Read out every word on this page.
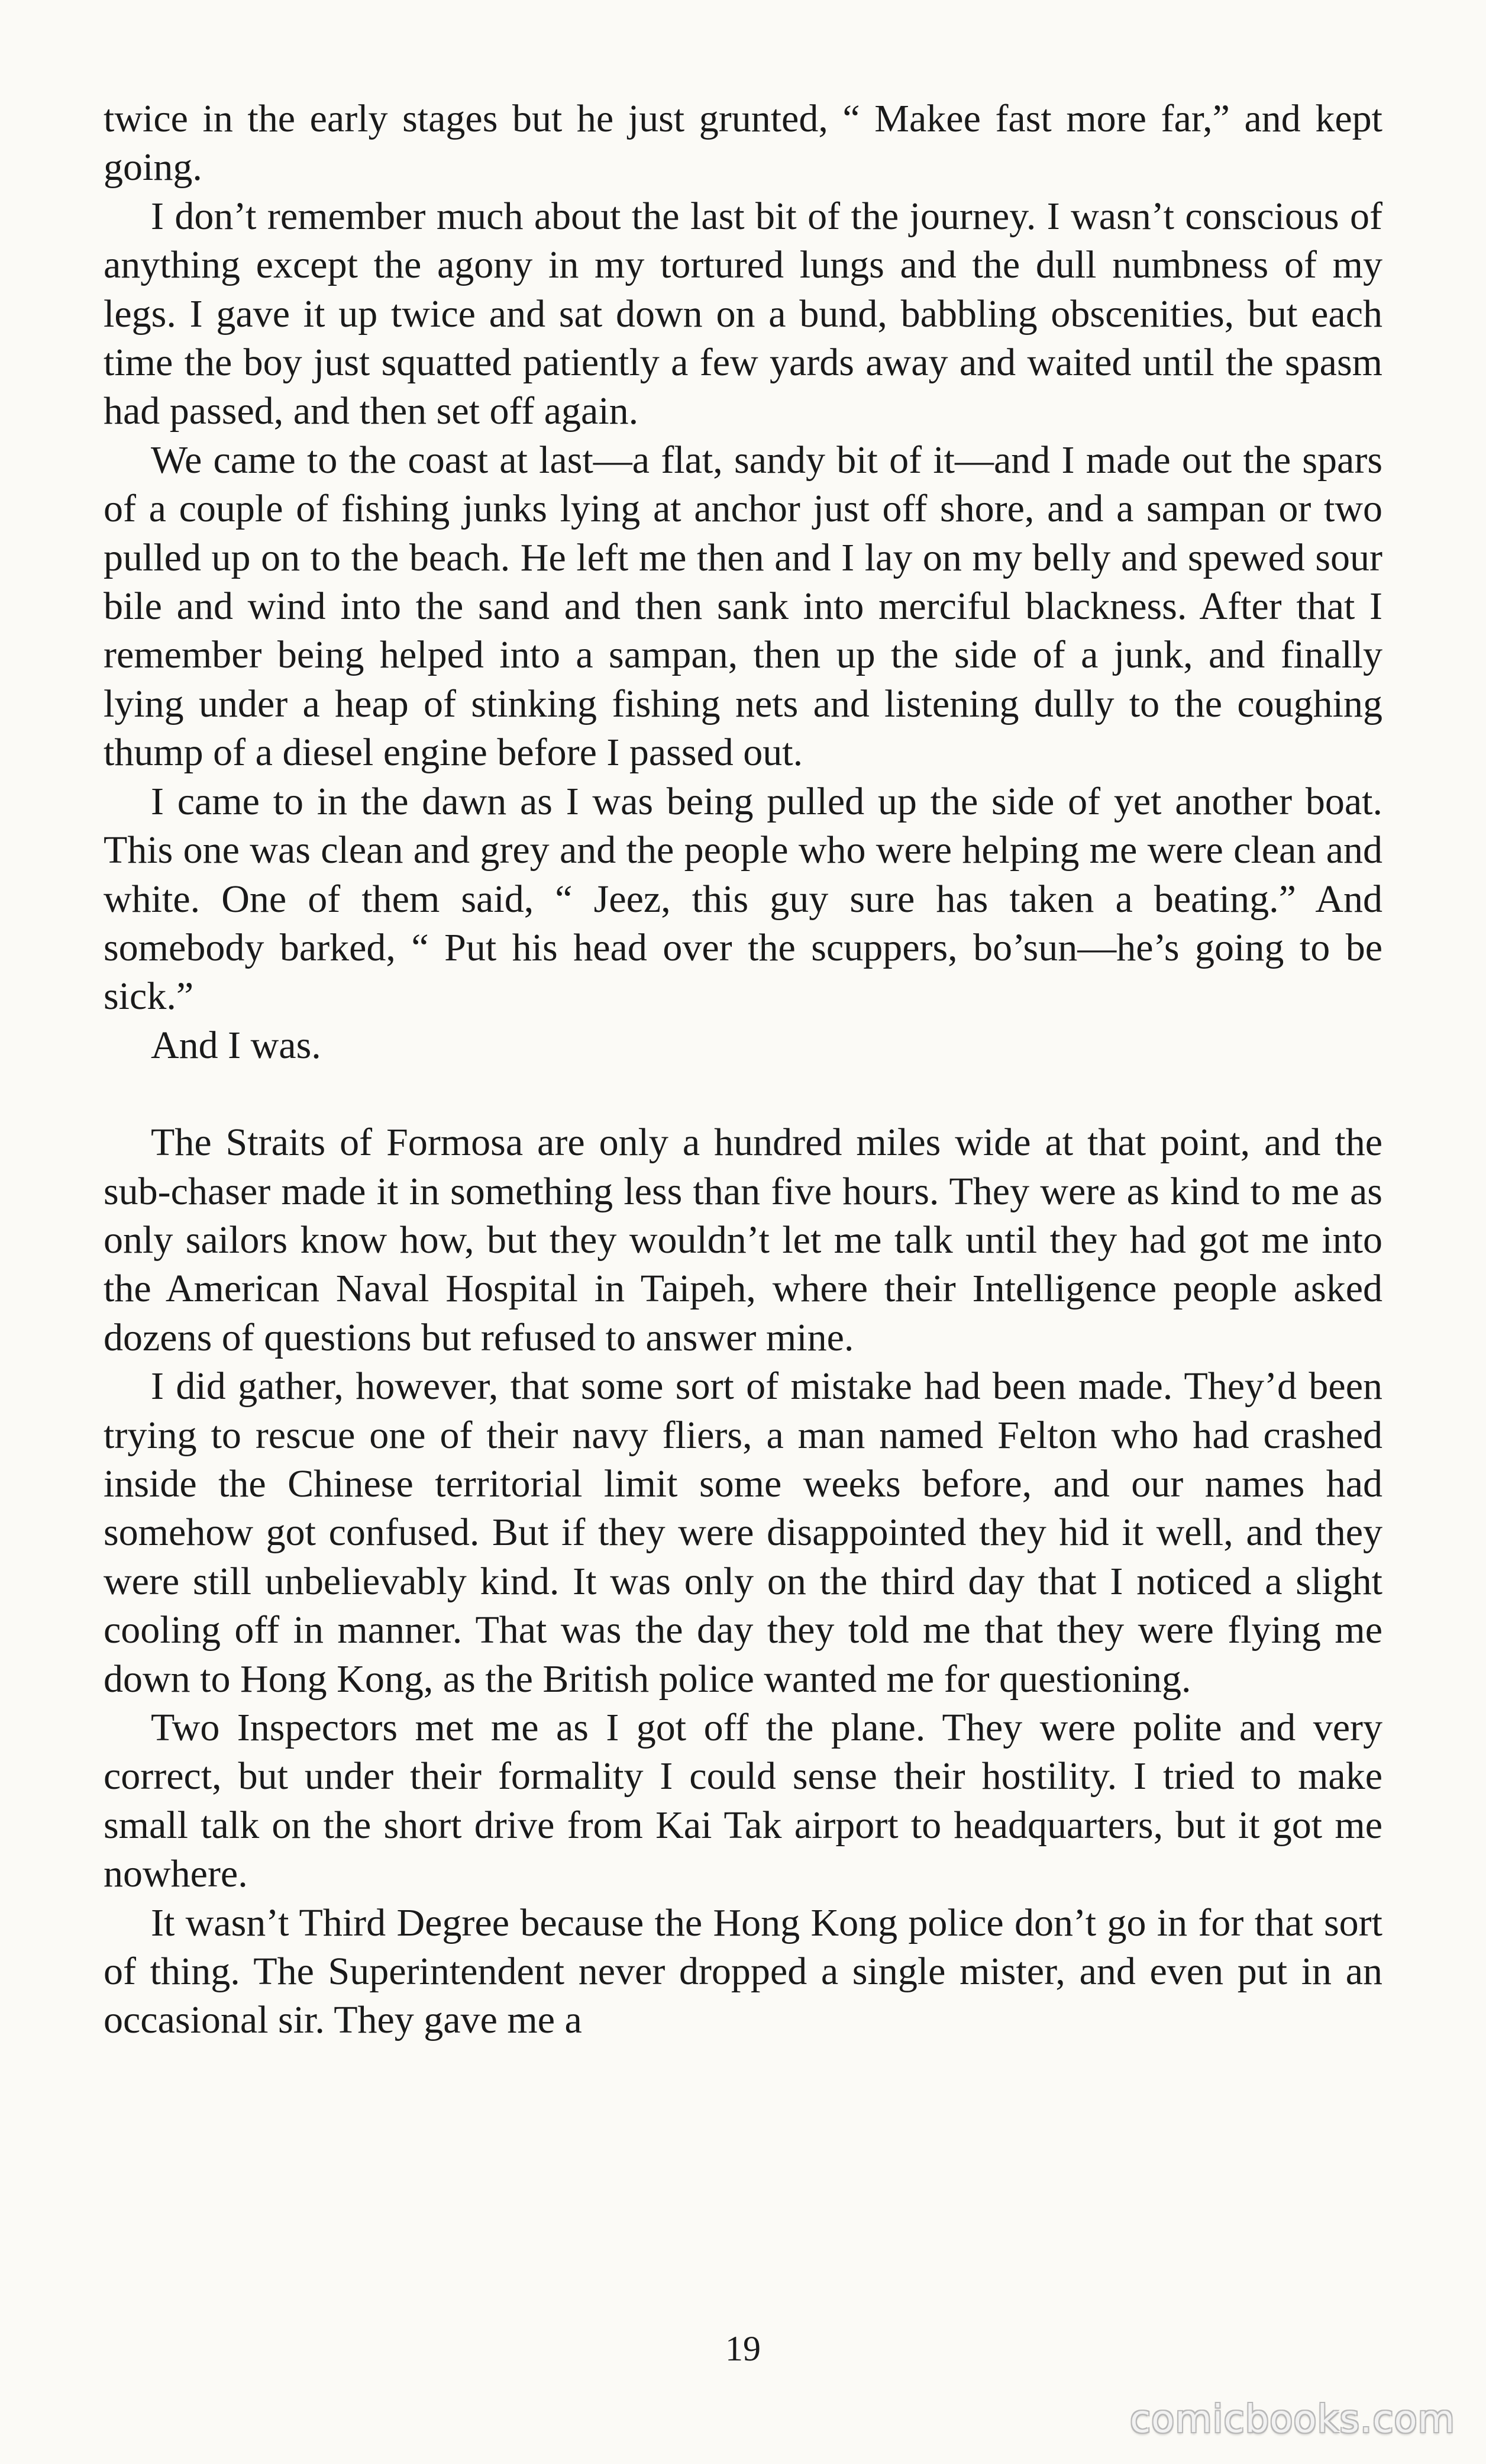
twice in the early stages but he just grunted, “ Makee fast more far,” and kept going.

I don’t remember much about the last bit of the journey. I wasn’t conscious of anything except the agony in my tortured lungs and the dull numbness of my legs. I gave it up twice and sat down on a bund, babbling obscenities, but each time the boy just squatted patiently a few yards away and waited until the spasm had passed, and then set off again.

We came to the coast at last—a flat, sandy bit of it—and I made out the spars of a couple of fishing junks lying at anchor just off shore, and a sampan or two pulled up on to the beach. He left me then and I lay on my belly and spewed sour bile and wind into the sand and then sank into merciful blackness. After that I remember being helped into a sampan, then up the side of a junk, and finally lying under a heap of stinking fishing nets and listening dully to the coughing thump of a diesel engine before I passed out.

I came to in the dawn as I was being pulled up the side of yet another boat. This one was clean and grey and the people who were helping me were clean and white. One of them said, “ Jeez, this guy sure has taken a beating.” And somebody barked, “ Put his head over the scuppers, bo’sun—he’s going to be sick.”

And I was.

The Straits of Formosa are only a hundred miles wide at that point, and the sub-chaser made it in something less than five hours. They were as kind to me as only sailors know how, but they wouldn’t let me talk until they had got me into the American Naval Hospital in Taipeh, where their Intelligence people asked dozens of questions but refused to answer mine.

I did gather, however, that some sort of mistake had been made. They’d been trying to rescue one of their navy fliers, a man named Felton who had crashed inside the Chinese territorial limit some weeks before, and our names had somehow got confused. But if they were disappointed they hid it well, and they were still unbelievably kind. It was only on the third day that I noticed a slight cooling off in manner. That was the day they told me that they were flying me down to Hong Kong, as the British police wanted me for questioning.

Two Inspectors met me as I got off the plane. They were polite and very correct, but under their formality I could sense their hostility. I tried to make small talk on the short drive from Kai Tak airport to headquarters, but it got me nowhere.

It wasn’t Third Degree because the Hong Kong police don’t go in for that sort of thing. The Superintendent never dropped a single mister, and even put in an occasional sir. They gave me a

19
comicbooks.com
